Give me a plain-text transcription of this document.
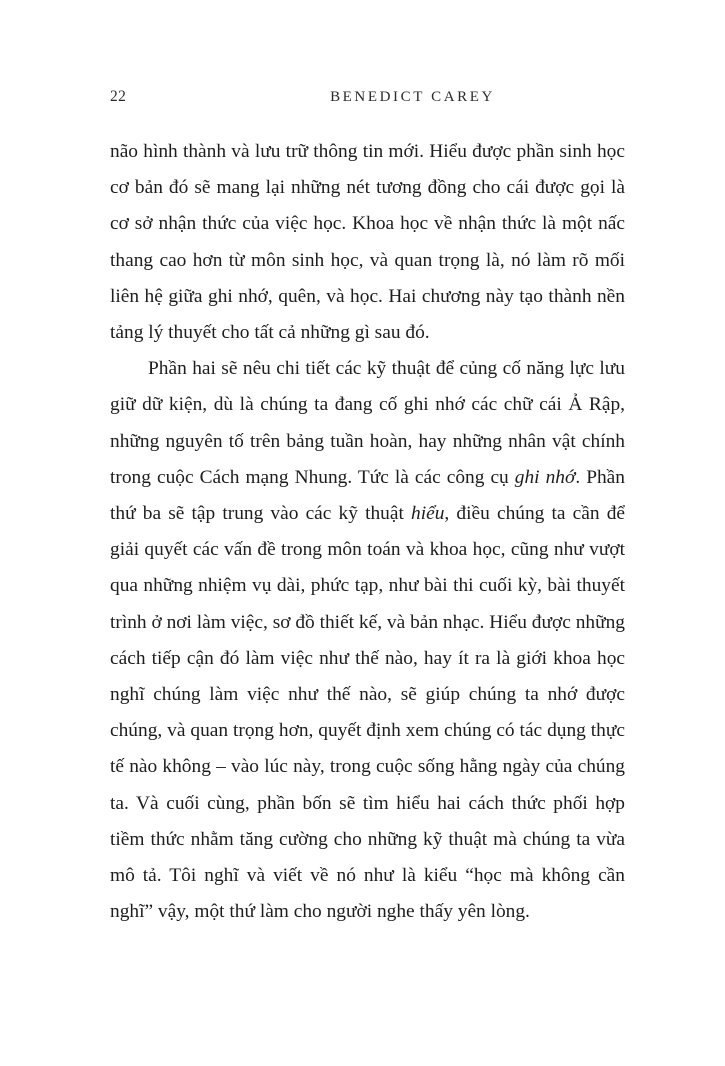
22	BENEDICT CAREY

não hình thành và lưu trữ thông tin mới. Hiểu được phần sinh học cơ bản đó sẽ mang lại những nét tương đồng cho cái được gọi là cơ sở nhận thức của việc học. Khoa học về nhận thức là một nấc thang cao hơn từ môn sinh học, và quan trọng là, nó làm rõ mối liên hệ giữa ghi nhớ, quên, và học. Hai chương này tạo thành nền tảng lý thuyết cho tất cả những gì sau đó.

Phần hai sẽ nêu chi tiết các kỹ thuật để củng cố năng lực lưu giữ dữ kiện, dù là chúng ta đang cố ghi nhớ các chữ cái Ả Rập, những nguyên tố trên bảng tuần hoàn, hay những nhân vật chính trong cuộc Cách mạng Nhung. Tức là các công cụ ghi nhớ. Phần thứ ba sẽ tập trung vào các kỹ thuật hiểu, điều chúng ta cần để giải quyết các vấn đề trong môn toán và khoa học, cũng như vượt qua những nhiệm vụ dài, phức tạp, như bài thi cuối kỳ, bài thuyết trình ở nơi làm việc, sơ đồ thiết kế, và bản nhạc. Hiểu được những cách tiếp cận đó làm việc như thế nào, hay ít ra là giới khoa học nghĩ chúng làm việc như thế nào, sẽ giúp chúng ta nhớ được chúng, và quan trọng hơn, quyết định xem chúng có tác dụng thực tế nào không – vào lúc này, trong cuộc sống hằng ngày của chúng ta. Và cuối cùng, phần bốn sẽ tìm hiểu hai cách thức phối hợp tiềm thức nhằm tăng cường cho những kỹ thuật mà chúng ta vừa mô tả. Tôi nghĩ và viết về nó như là kiểu “học mà không cần nghĩ” vậy, một thứ làm cho người nghe thấy yên lòng.
